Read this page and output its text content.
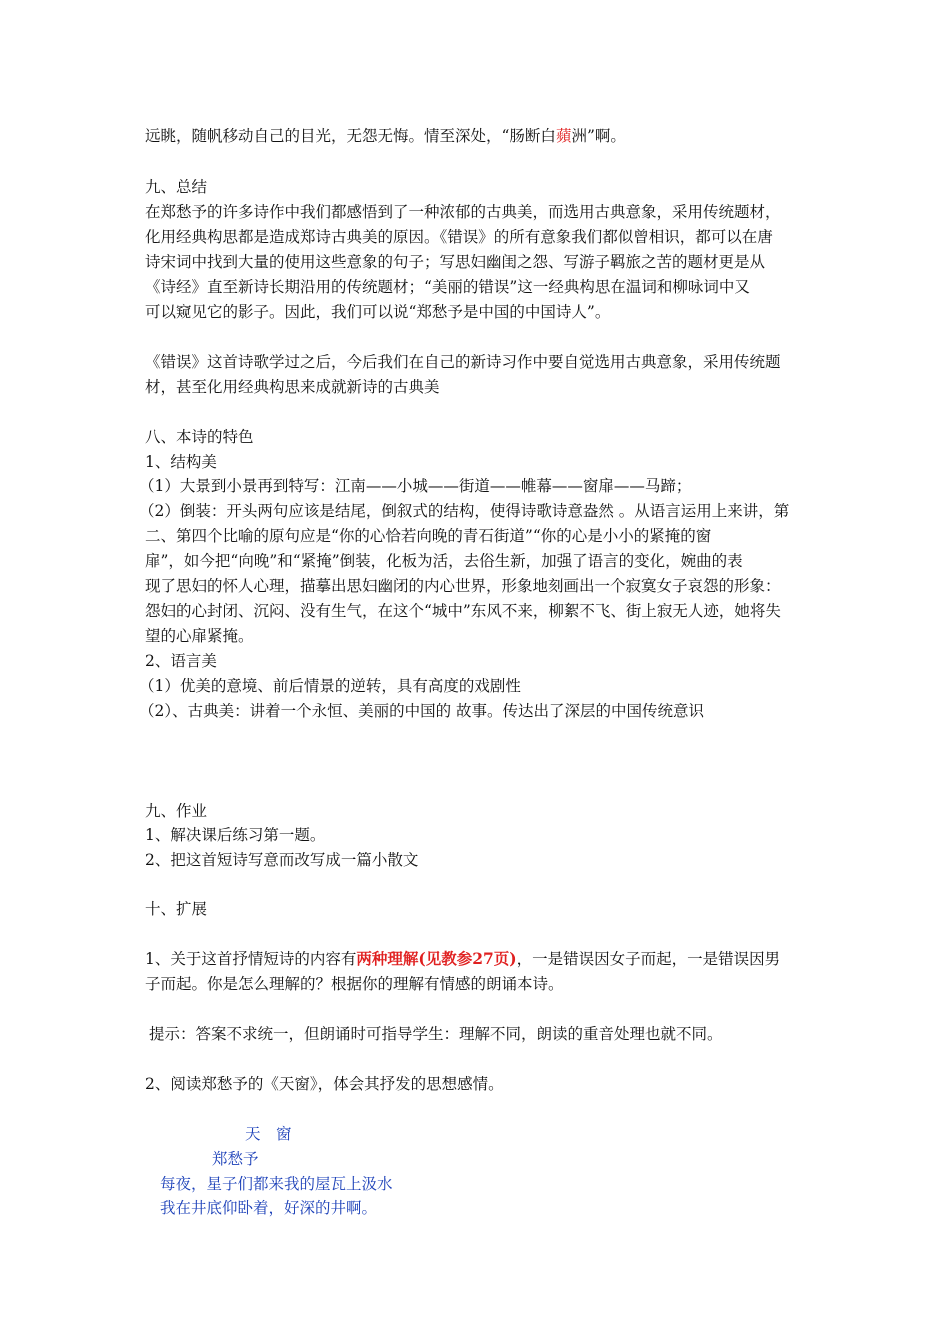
远眺，随帆移动自己的目光，无怨无悔。情至深处，“肠断白蘋洲”啊。

九、总结

在郑愁予的许多诗作中我们都感悟到了一种浓郁的古典美，而选用古典意象，采用传统题材，

化用经典构思都是造成郑诗古典美的原因。《错误》的所有意象我们都似曾相识，都可以在唐

诗宋词中找到大量的使用这些意象的句子；写思妇幽闺之怨、写游子羁旅之苦的题材更是从

《诗经》直至新诗长期沿用的传统题材；“美丽的错误”这一经典构思在温词和柳咏词中又

可以窥见它的影子。因此，我们可以说“郑愁予是中国的中国诗人”。

《错误》这首诗歌学过之后，今后我们在自己的新诗习作中要自觉选用古典意象，采用传统题

材，甚至化用经典构思来成就新诗的古典美

八、本诗的特色

1、结构美

（1）大景到小景再到特写：江南——小城——街道——帷幕——窗扉——马蹄；

（2）倒装：开头两句应该是结尾，倒叙式的结构，使得诗歌诗意盎然 。从语言运用上来讲，第

二、第四个比喻的原句应是“你的心恰若向晚的青石街道”“你的心是小小的紧掩的窗

扉”，如今把“向晚”和“紧掩”倒装，化板为活，去俗生新，加强了语言的变化，婉曲的表

现了思妇的怀人心理，描摹出思妇幽闭的内心世界，形象地刻画出一个寂寞女子哀怨的形象：

怨妇的心封闭、沉闷、没有生气，在这个“城中”东风不来，柳絮不飞、街上寂无人迹，她将失

望的心扉紧掩。

2、语言美

（1）优美的意境、前后情景的逆转，具有高度的戏剧性

（2）、古典美：讲着一个永恒、美丽的中国的 故事。传达出了深层的中国传统意识

九、作业

1、解决课后练习第一题。

2、把这首短诗写意而改写成一篇小散文

十、扩展

1、关于这首抒情短诗的内容有两种理解(见教参27页)，一是错误因女子而起，一是错误因男

子而起。你是怎么理解的？根据你的理解有情感的朗诵本诗。

提示：答案不求统一，但朗诵时可指导学生：理解不同，朗读的重音处理也就不同。

2、阅读郑愁予的《天窗》，体会其抒发的思想感情。

天　窗

郑愁予

每夜，星子们都来我的屋瓦上汲水

我在井底仰卧着，好深的井啊。
